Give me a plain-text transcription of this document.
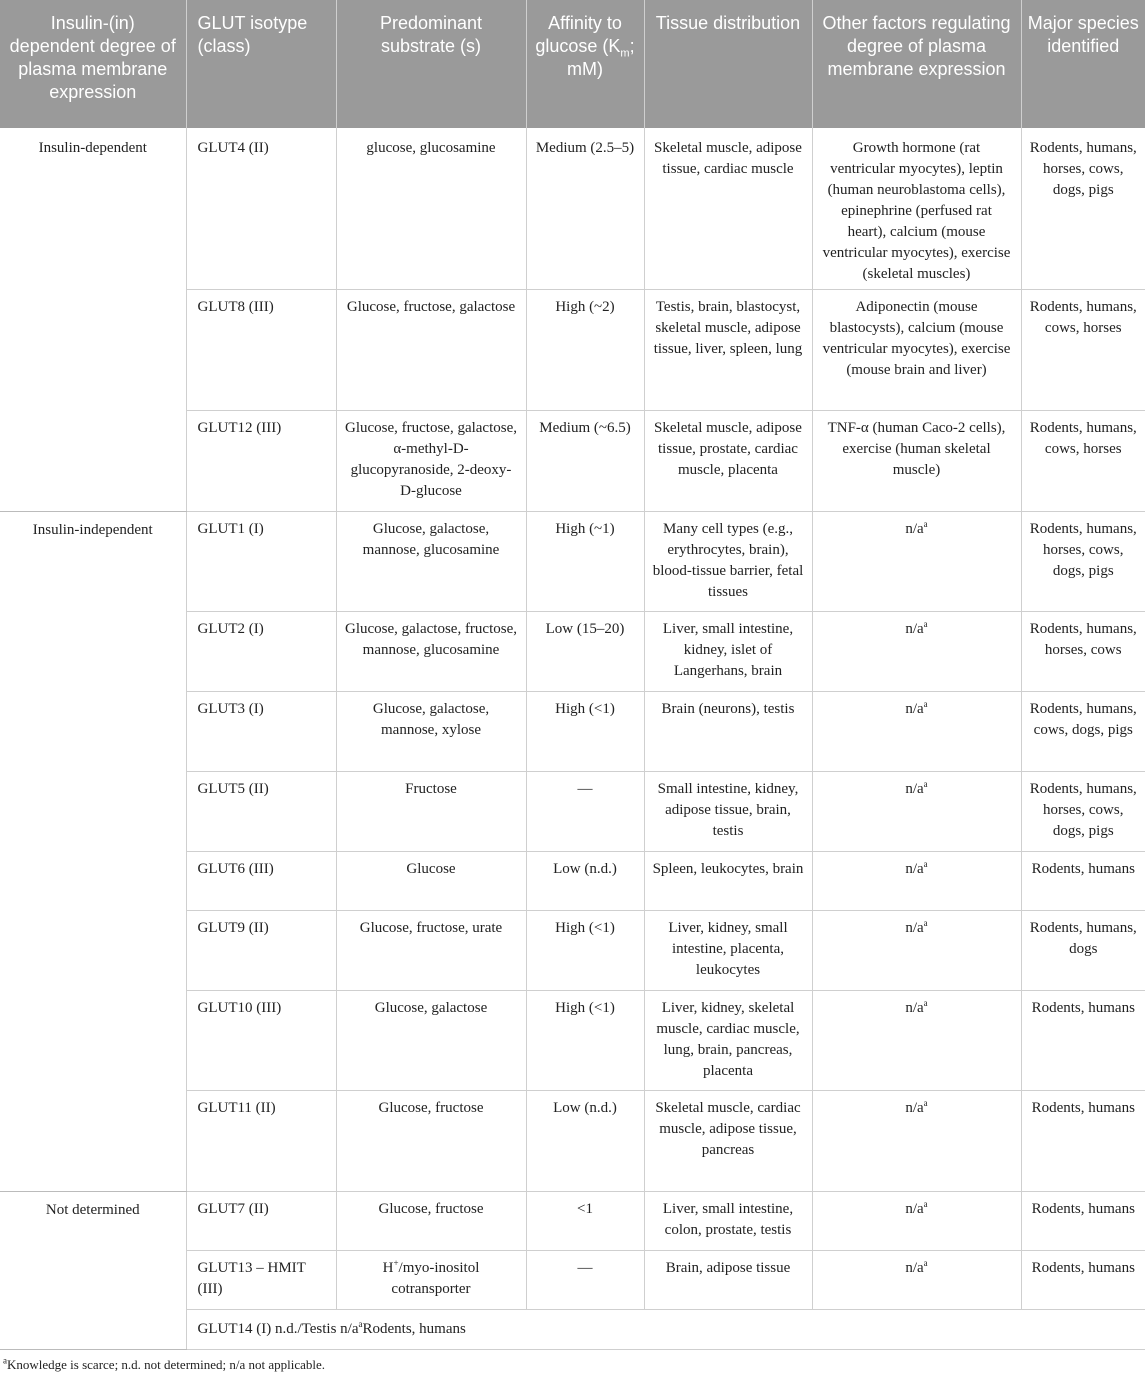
Insulin-(in) dependent degree of plasma membrane expression	GLUT isotype (class)	Predominant substrate (s)	Affinity to glucose ($K_m$; mM)	Tissue distribution	Other factors regulating degree of plasma membrane expression	Major species identified
Insulin-dependent	GLUT4 (II)	glucose, glucosamine	Medium (2.5–5)	Skeletal muscle, adipose tissue, cardiac muscle	Growth hormone (rat ventricular myocytes), leptin (human neuroblastoma cells), epinephrine (perfused rat heart), calcium (mouse ventricular myocytes), exercise (skeletal muscles)	Rodents, humans, horses, cows, dogs, pigs
	GLUT8 (III)	Glucose, fructose, galactose	High (~2)	Testis, brain, blastocyst, skeletal muscle, adipose tissue, liver, spleen, lung	Adiponectin (mouse blastocysts), calcium (mouse ventricular myocytes), exercise (mouse brain and liver)	Rodents, humans, cows, horses
	GLUT12 (III)	Glucose, fructose, galactose, α-methyl-D-glucopyranoside, 2-deoxy-D-glucose	Medium (~6.5)	Skeletal muscle, adipose tissue, prostate, cardiac muscle, placenta	TNF-α (human Caco-2 cells), exercise (human skeletal muscle)	Rodents, humans, cows, horses
Insulin-independent	GLUT1 (I)	Glucose, galactose, mannose, glucosamine	High (~1)	Many cell types (e.g., erythrocytes, brain), blood-tissue barrier, fetal tissues	$n/a^a$	Rodents, humans, horses, cows, dogs, pigs
	GLUT2 (I)	Glucose, galactose, fructose, mannose, glucosamine	Low (15–20)	Liver, small intestine, kidney, islet of Langerhans, brain	$n/a^a$	Rodents, humans, horses, cows
	GLUT3 (I)	Glucose, galactose, mannose, xylose	High (<1)	Brain (neurons), testis	$n/a^a$	Rodents, humans, cows, dogs, pigs
	GLUT5 (II)	Fructose	—	Small intestine, kidney, adipose tissue, brain, testis	$n/a^a$	Rodents, humans, horses, cows, dogs, pigs
	GLUT6 (III)	Glucose	Low (n.d.)	Spleen, leukocytes, brain	$n/a^a$	Rodents, humans
	GLUT9 (II)	Glucose, fructose, urate	High (<1)	Liver, kidney, small intestine, placenta, leukocytes	$n/a^a$	Rodents, humans, dogs
	GLUT10 (III)	Glucose, galactose	High (<1)	Liver, kidney, skeletal muscle, cardiac muscle, lung, brain, pancreas, placenta	$n/a^a$	Rodents, humans
	GLUT11 (II)	Glucose, fructose	Low (n.d.)	Skeletal muscle, cardiac muscle, adipose tissue, pancreas	$n/a^a$	Rodents, humans
Not determined	GLUT7 (II)	Glucose, fructose	<1	Liver, small intestine, colon, prostate, testis	$n/a^a$	Rodents, humans
	GLUT13 – HMIT (III)	H+/myo-inositol cotransporter	—	Brain, adipose tissue	$n/a^a$	Rodents, humans
	GLUT14 (I) n.d./Testis $n/a^aRodents$, humans					
$^a$Knowledge is scarce; n.d. not determined; n/a not applicable.
